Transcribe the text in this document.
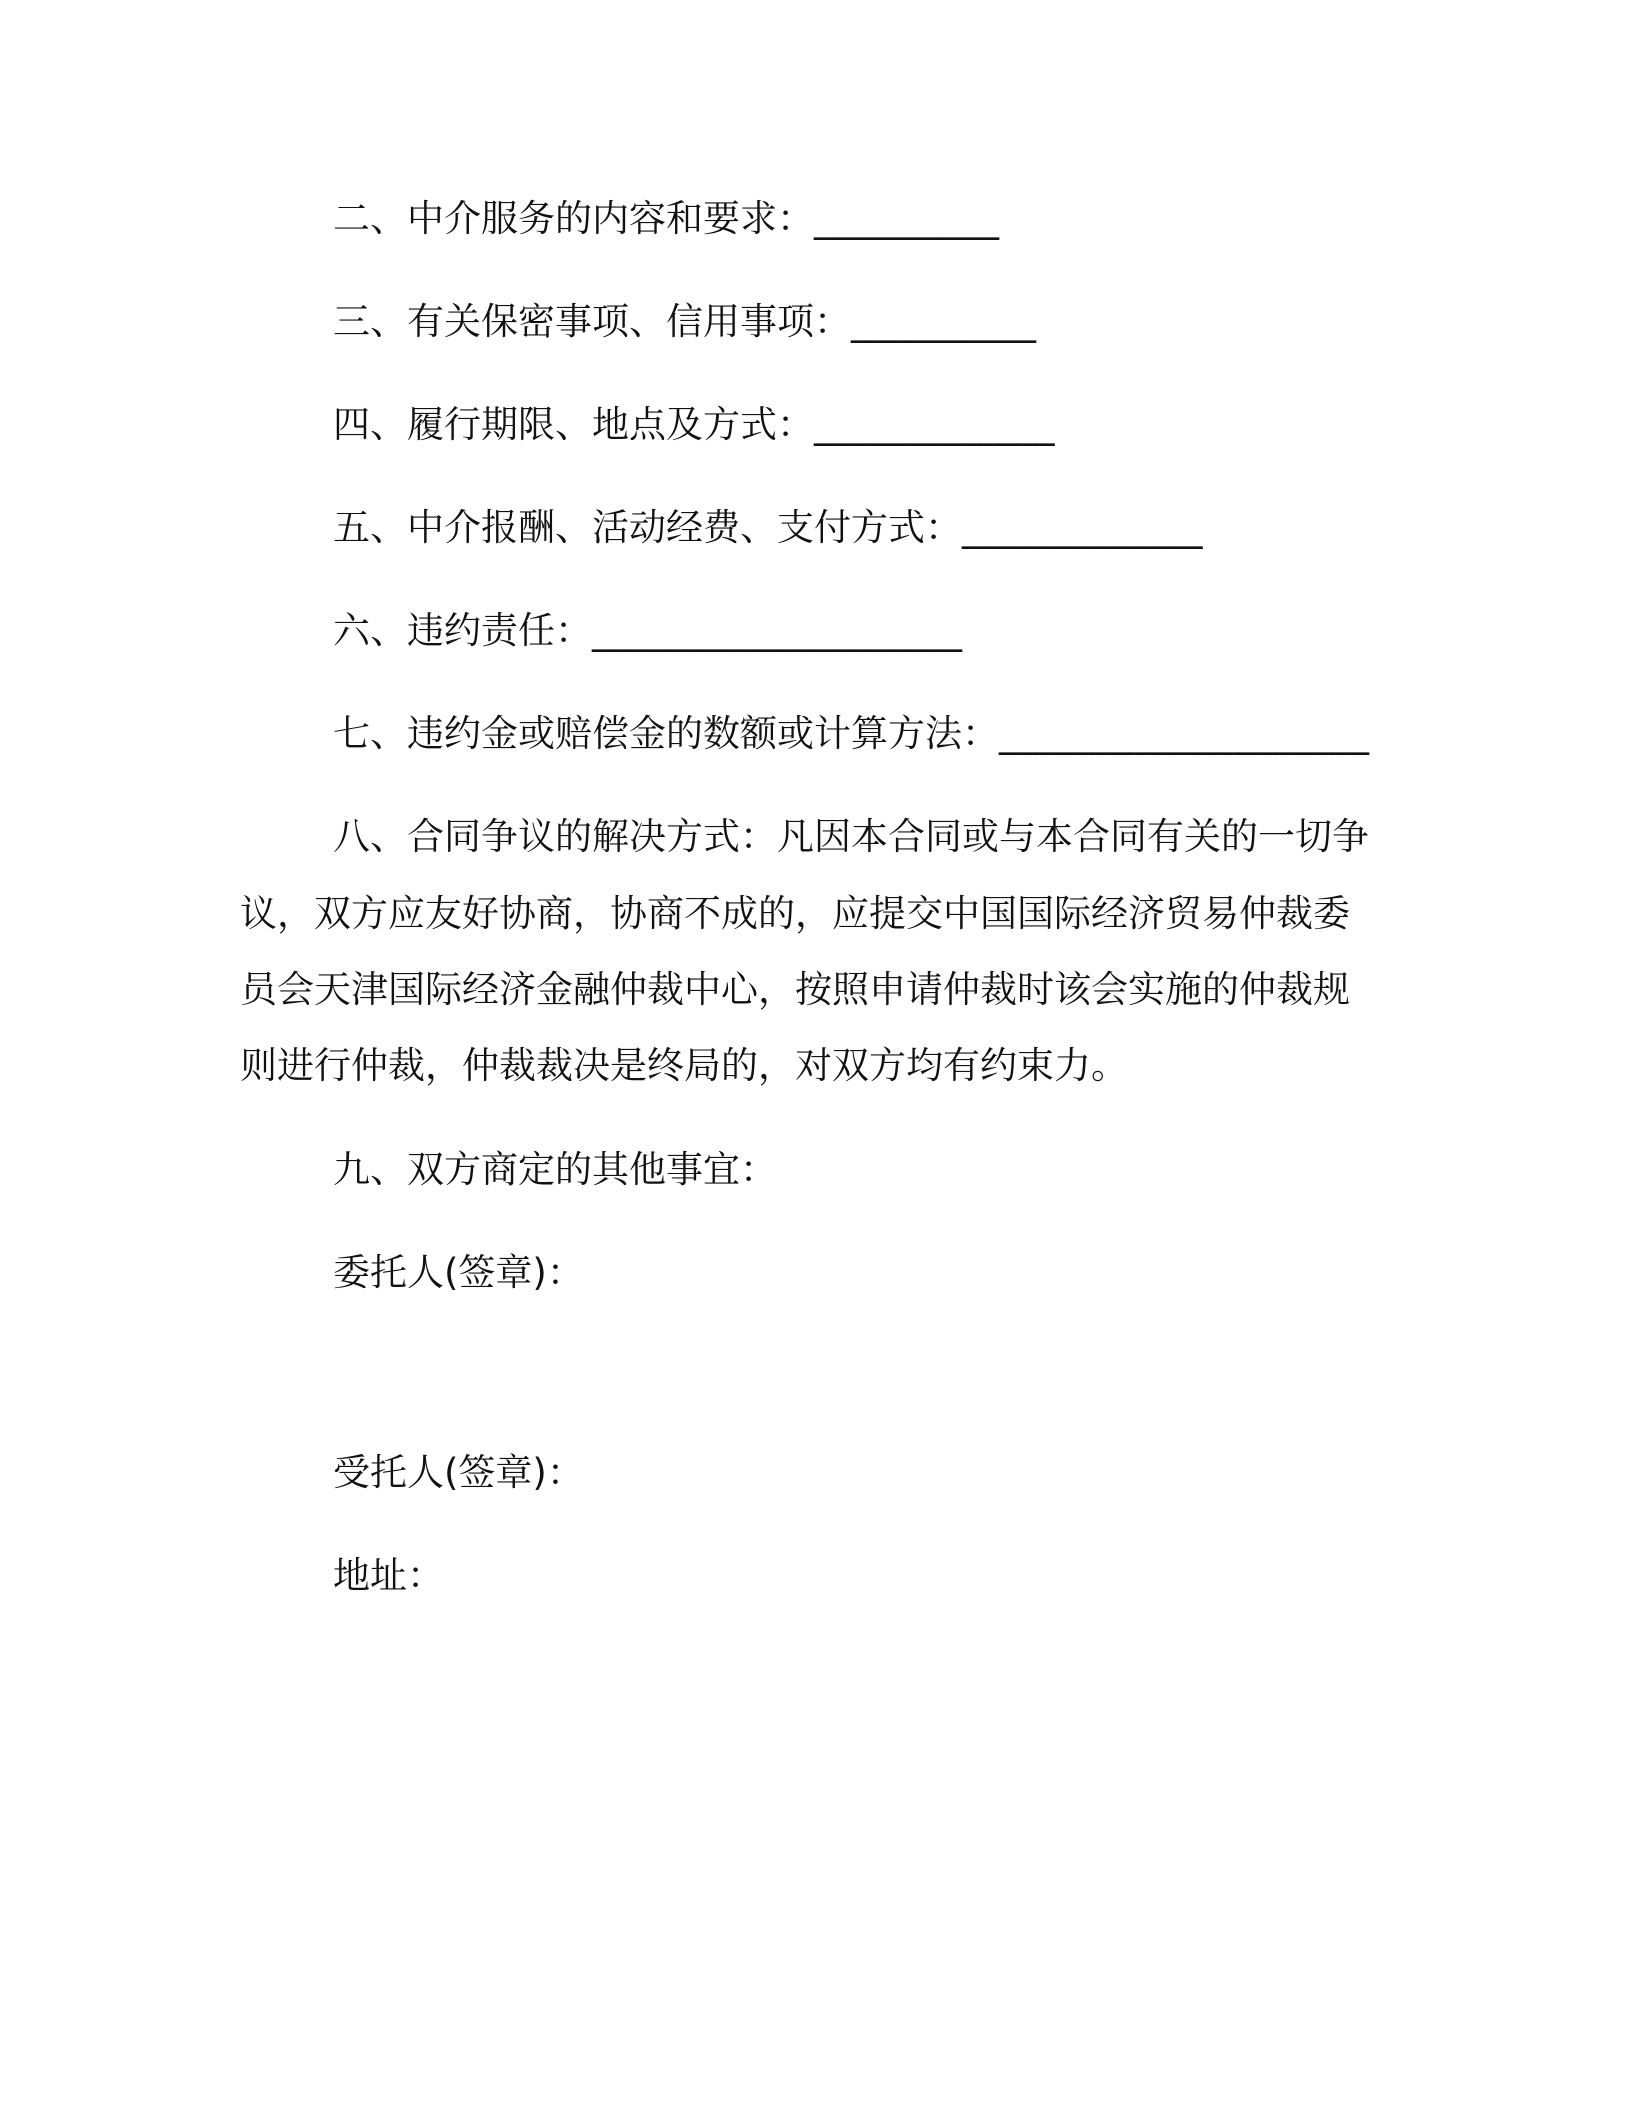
二、中介服务的内容和要求：__________
三、有关保密事项、信用事项：__________
四、履行期限、地点及方式：_____________
五、中介报酬、活动经费、支付方式：_____________
六、违约责任：____________________
七、违约金或赔偿金的数额或计算方法：____________________
八、合同争议的解决方式：凡因本合同或与本合同有关的一切争
议，双方应友好协商，协商不成的，应提交中国国际经济贸易仲裁委
员会天津国际经济金融仲裁中心，按照申请仲裁时该会实施的仲裁规
则进行仲裁，仲裁裁决是终局的，对双方均有约束力。
九、双方商定的其他事宜：
委托人(签章)：
受托人(签章)：
地址：
